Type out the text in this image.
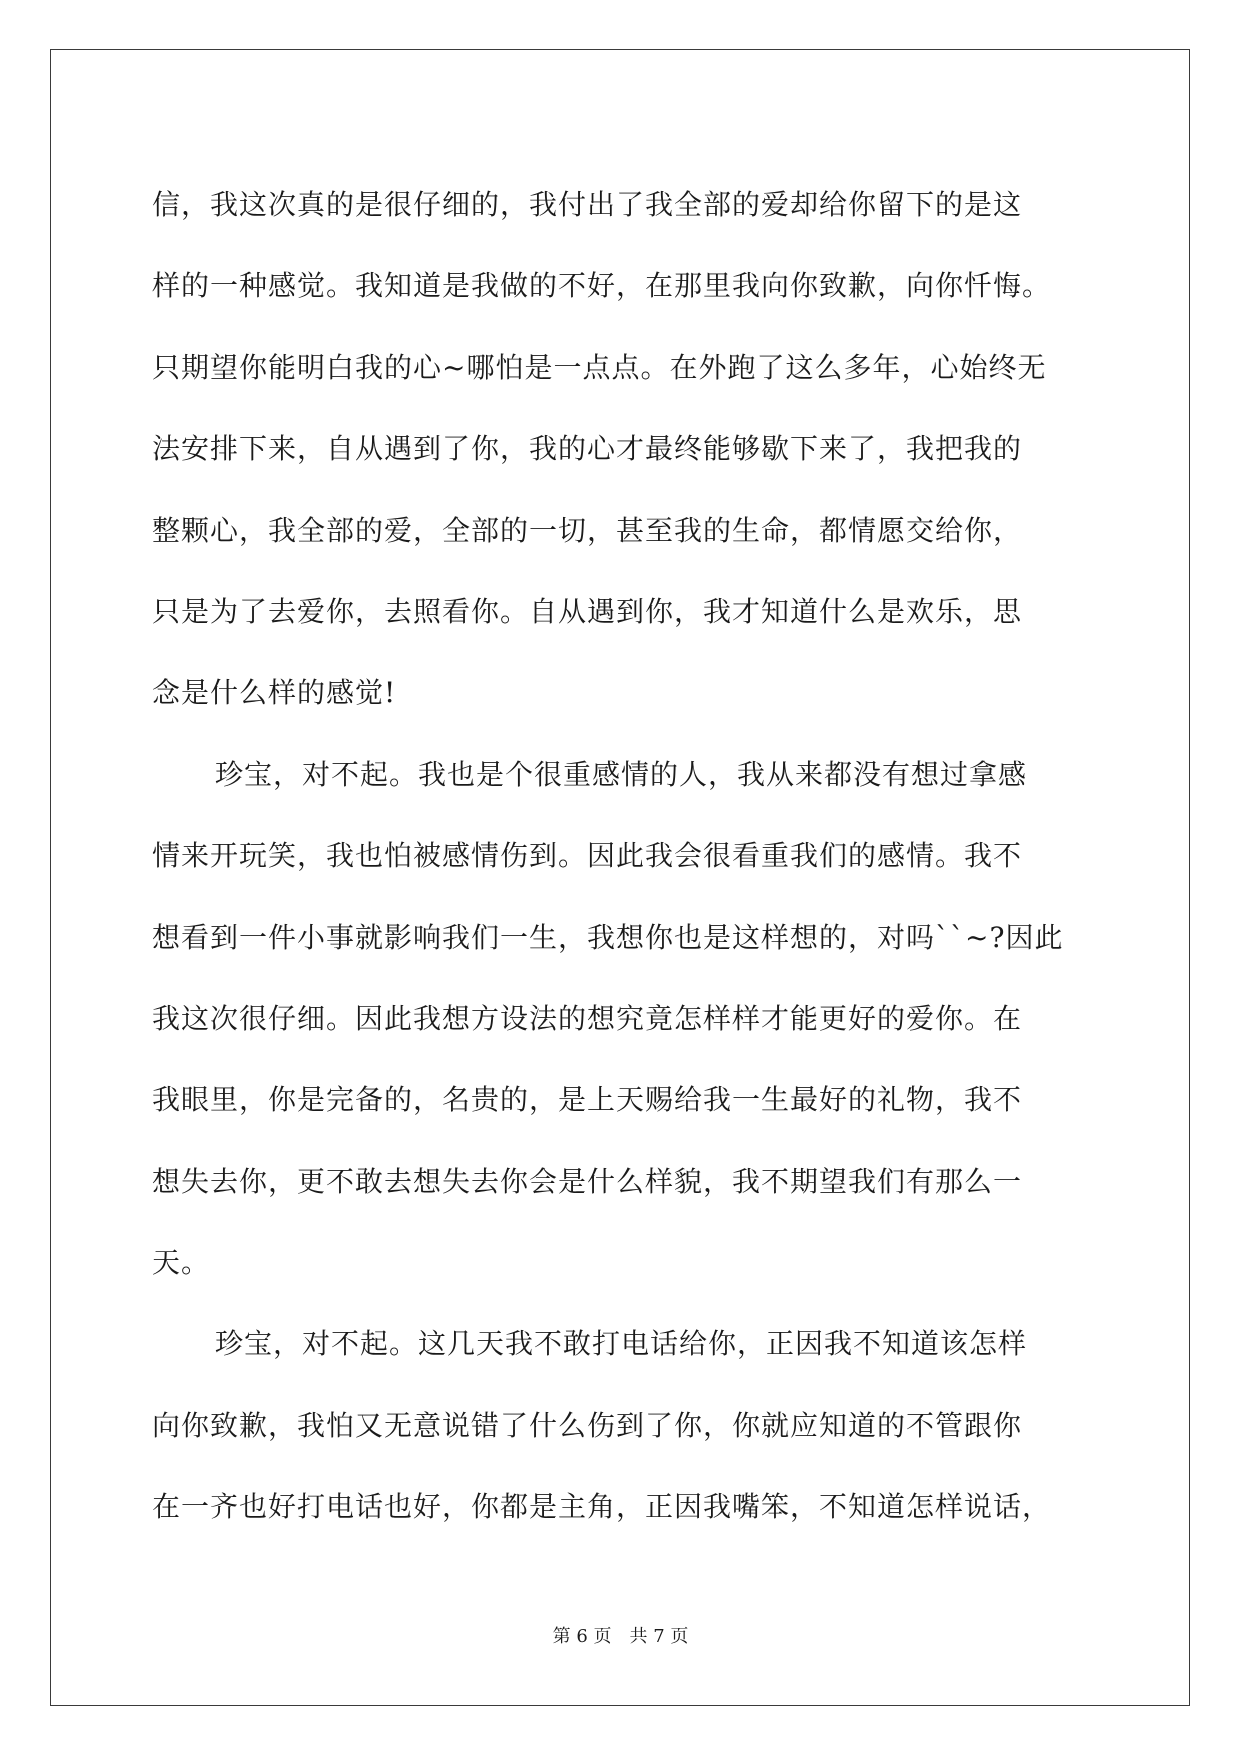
信，我这次真的是很仔细的，我付出了我全部的爱却给你留下的是这
样的一种感觉。我知道是我做的不好，在那里我向你致歉，向你忏悔。
只期望你能明白我的心~哪怕是一点点。在外跑了这么多年，心始终无
法安排下来，自从遇到了你，我的心才最终能够歇下来了，我把我的
整颗心，我全部的爱，全部的一切，甚至我的生命，都情愿交给你，
只是为了去爱你，去照看你。自从遇到你，我才知道什么是欢乐，思
念是什么样的感觉!
珍宝，对不起。我也是个很重感情的人，我从来都没有想过拿感
情来开玩笑，我也怕被感情伤到。因此我会很看重我们的感情。我不
想看到一件小事就影响我们一生，我想你也是这样想的，对吗``~?因此
我这次很仔细。因此我想方设法的想究竟怎样样才能更好的爱你。在
我眼里，你是完备的，名贵的，是上天赐给我一生最好的礼物，我不
想失去你，更不敢去想失去你会是什么样貌，我不期望我们有那么一
天。
珍宝，对不起。这几天我不敢打电话给你，正因我不知道该怎样
向你致歉，我怕又无意说错了什么伤到了你，你就应知道的不管跟你
在一齐也好打电话也好，你都是主角，正因我嘴笨，不知道怎样说话，
第 6 页 共 7 页
